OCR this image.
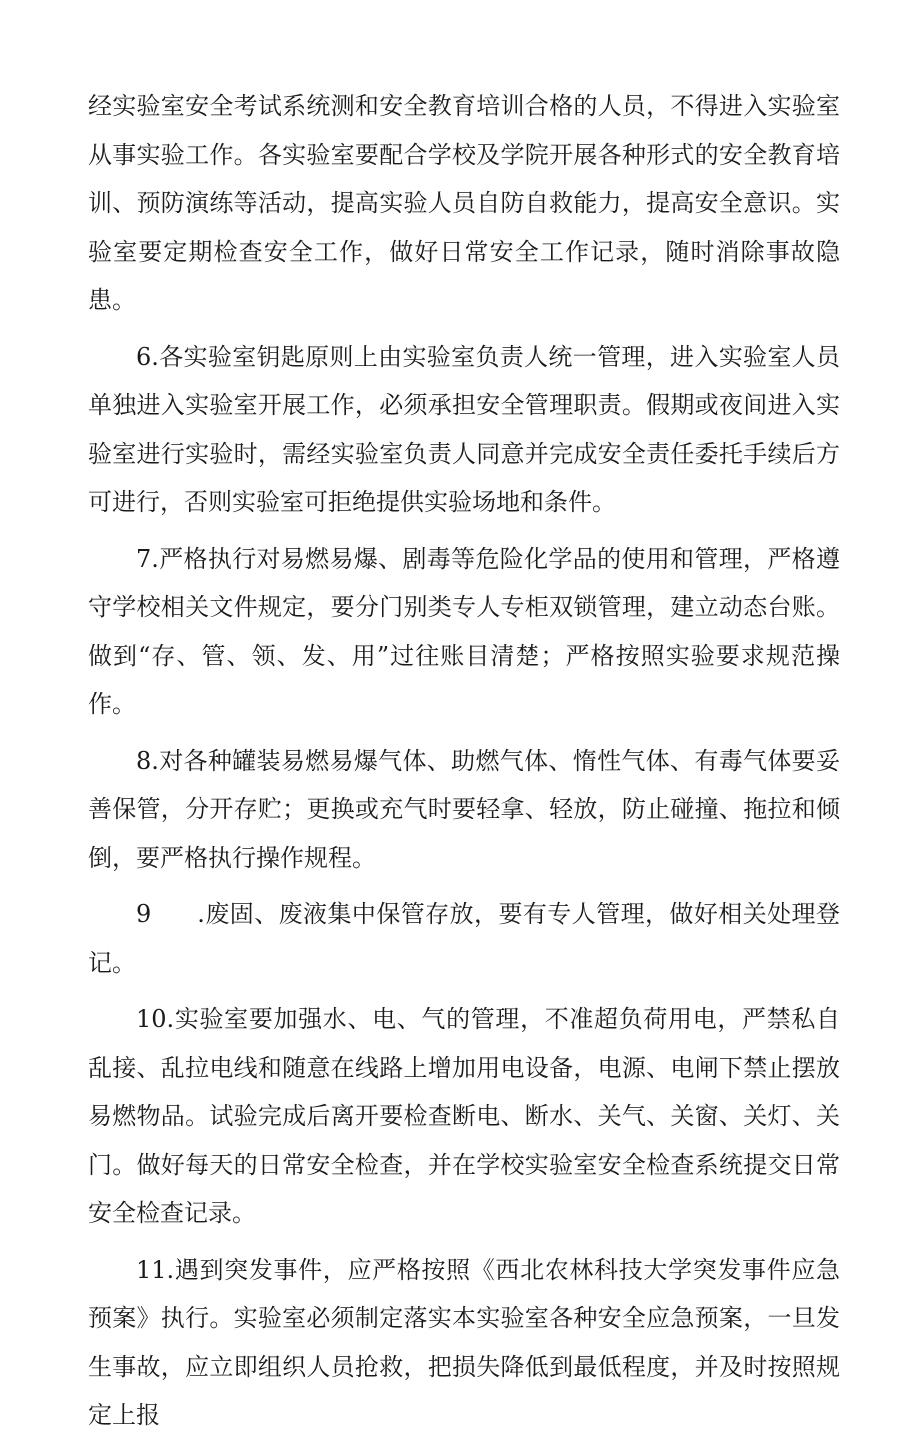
经实验室安全考试系统测和安全教育培训合格的人员，不得进入实验室从事实验工作。各实验室要配合学校及学院开展各种形式的安全教育培训、预防演练等活动，提高实验人员自防自救能力，提高安全意识。实验室要定期检查安全工作，做好日常安全工作记录，随时消除事故隐患。

6.各实验室钥匙原则上由实验室负责人统一管理，进入实验室人员单独进入实验室开展工作，必须承担安全管理职责。假期或夜间进入实验室进行实验时，需经实验室负责人同意并完成安全责任委托手续后方可进行，否则实验室可拒绝提供实验场地和条件。

7.严格执行对易燃易爆、剧毒等危险化学品的使用和管理，严格遵守学校相关文件规定，要分门别类专人专柜双锁管理，建立动态台账。做到“存、管、领、发、用”过往账目清楚；严格按照实验要求规范操作。

8.对各种罐装易燃易爆气体、助燃气体、惰性气体、有毒气体要妥善保管，分开存贮；更换或充气时要轻拿、轻放，防止碰撞、拖拉和倾倒，要严格执行操作规程。

9 .废固、废液集中保管存放，要有专人管理，做好相关处理登记。

10.实验室要加强水、电、气的管理，不准超负荷用电，严禁私自乱接、乱拉电线和随意在线路上增加用电设备，电源、电闸下禁止摆放易燃物品。试验完成后离开要检查断电、断水、关气、关窗、关灯、关门。做好每天的日常安全检查，并在学校实验室安全检查系统提交日常安全检查记录。

11.遇到突发事件，应严格按照《西北农林科技大学突发事件应急预案》执行。实验室必须制定落实本实验室各种安全应急预案，一旦发生事故，应立即组织人员抢救，把损失降低到最低程度，并及时按照规定上报
